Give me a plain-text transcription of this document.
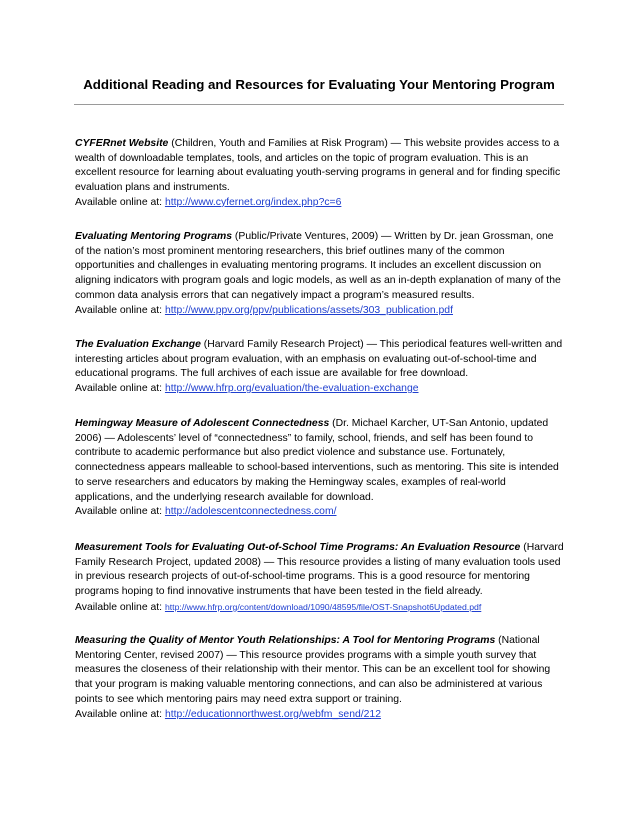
Additional Reading and Resources for Evaluating Your Mentoring Program
CYFERnet Website (Children, Youth and Families at Risk Program) — This website provides access to a wealth of downloadable templates, tools, and articles on the topic of program evaluation. This is an excellent resource for learning about evaluating youth-serving programs in general and for finding specific evaluation plans and instruments.
Available online at: http://www.cyfernet.org/index.php?c=6
Evaluating Mentoring Programs (Public/Private Ventures, 2009) — Written by Dr. jean Grossman, one of the nation’s most prominent mentoring researchers, this brief outlines many of the common opportunities and challenges in evaluating mentoring programs. It includes an excellent discussion on aligning indicators with program goals and logic models, as well as an in-depth explanation of many of the common data analysis errors that can negatively impact a program’s measured results.
Available online at: http://www.ppv.org/ppv/publications/assets/303_publication.pdf
The Evaluation Exchange (Harvard Family Research Project) — This periodical features well-written and interesting articles about program evaluation, with an emphasis on evaluating out-of-school-time and educational programs. The full archives of each issue are available for free download.
Available online at: http://www.hfrp.org/evaluation/the-evaluation-exchange
Hemingway Measure of Adolescent Connectedness (Dr. Michael Karcher, UT-San Antonio, updated 2006) — Adolescents’ level of “connectedness” to family, school, friends, and self has been found to contribute to academic performance but also predict violence and substance use. Fortunately, connectedness appears malleable to school-based interventions, such as mentoring. This site is intended to serve researchers and educators by making the Hemingway scales, examples of real-world applications, and the underlying research available for download.
Available online at: http://adolescentconnectedness.com/
Measurement Tools for Evaluating Out-of-School Time Programs: An Evaluation Resource (Harvard Family Research Project, updated 2008) — This resource provides a listing of many evaluation tools used in previous research projects of out-of-school-time programs. This is a good resource for mentoring programs hoping to find innovative instruments that have been tested in the field already.
Available online at: http://www.hfrp.org/content/download/1090/48595/file/OST-Snapshot6Updated.pdf
Measuring the Quality of Mentor Youth Relationships: A Tool for Mentoring Programs (National Mentoring Center, revised 2007) — This resource provides programs with a simple youth survey that measures the closeness of their relationship with their mentor. This can be an excellent tool for showing that your program is making valuable mentoring connections, and can also be administered at various points to see which mentoring pairs may need extra support or training.
Available online at: http://educationnorthwest.org/webfm_send/212
